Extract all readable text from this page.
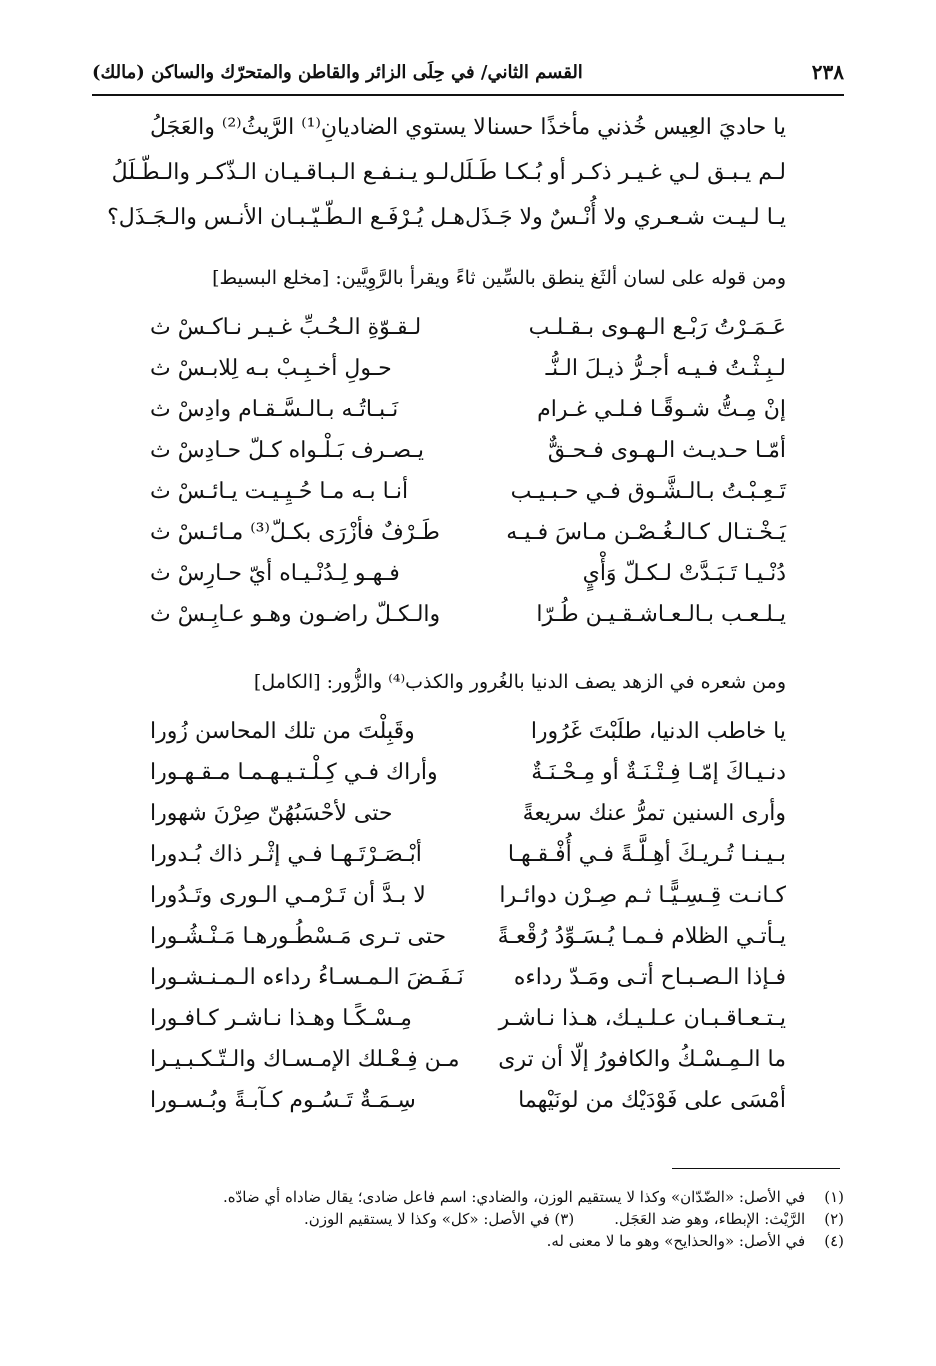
٢٣٨
القسم الثاني/ في حِلَى الزائر والقاطن والمتحرّك والساكن (مالك)
يا حاديَ العِيس خُذني مأخذًا حسنا
لا يستوي الضاديانِ⁽¹⁾ الرَّيثُ⁽²⁾ والعَجَلُ
لـم يـبـق لـي غـيـر ذكـر أو بُـكـا طَـلَل
لـو يـنـفـع الـبـاقـيـان الـذّكـر والـطّـلَلُ
يـا لـيـت شـعـري ولا أُنْـسٌ ولا جَـذَل
هـل يُـرْفَـع الـطّـيّـبـان الأنـس والـجَـذَل؟
ومن قوله على لسان ألثَغ ينطق بالسِّين ثاءً ويقرأ بالرَّوِيَّين: [مخلع البسيط]
عَـمَـرْتُ رَبْـع الـهـوى بـقـلـب
لـقـوّةِ الـحُـبِّ غـيـر نـاكـسْ ث
لـبِـثْـتُ فـيـه أجـرُّ ذيـلَ الـنُّـ
حـولِ أخـبِـبْ بـه لِلابـسْ ث
إنْ مِـتُّ شـوقًـا فـلـي غـرام
نَـبـاتُـه بـالـسَّـقـام وادِسْ ث
أمّـا حـديـث الـهـوى فـحـقٌّ
يـصـرف بَـلْـواه كـلّ حـادِسْ ث
تَـعِـبْـتُ بـالـشَّـوق فـي حـبـيـب
أنـا بـه مـا حُـيِـيـت يـائـسْ ث
يَـخْـتـال كـالـغُـصْـن مـاسَ فـيـه
طَـرْفٌ فأزْرَى بكـلّ⁽³⁾ مـائـسْ ث
دُنْـيـا تَـبَـدَّتْ لـكـلّ وَأْيٍ
فـهـو لِـدُنْـيـاه أيّ حـارِسْ ث
يـلـعـب بـالـعـاشـقـيـن طُـرّا
والـكـلّ راضـون وهـو عـابِـسْ ث
ومن شعره في الزهد يصف الدنيا بالغُرور والكذب⁽⁴⁾ والزُّور: [الكامل]
يا خاطب الدنيا، طلَبْتَ غَرُورا
وقَبِلْتَ من تلك المحاسن زُورا
دنـيـاكَ إمّـا فِـتْـنَـةٌ أو مِـحْـنَـةٌ
وأراك فـي كِـلْـتـيـهـمـا مـقـهـورا
وأرى السنين تمرُّ عنك سريعةً
حتى لأحْسَبُهُنّ صِرْنَ شهورا
بـيـنـا تُـريـكَ أهِـلَّـةً فـي أُفْـقـهـا
أبْـصَـرْتَـهـا فـي إثْـر ذاك بُـدورا
كـانـت قِـسِـيًّـا ثـم صِـرْن دوائـرا
لا بـدَّ أن تَـرْمـي الـورى وتَـدُورا
يـأتـي الظلام فـمـا يُـسَـوِّدُ رُقْعـةً
حتى تـرى مَـسْطُـورهـا مَـنْـشُـورا
فـإذا الـصـبـاح أتـى ومَـدّ رداءه
نَـفَـضَ الـمـسـاءُ رداءه الـمـنـشـورا
يـتـعـاقـبـان عـلـيـك، هـذا نـاشـر
مِـسْـكًـا وهـذا نـاشـر كـافـورا
ما الـمِـسْـكُ والكافورُ إلّا أن ترى
مـن فِـعْـلك الإمـسـاك والـتّـكـبـيـرا
أمْسَى على فَوْدَيْك من لونَيْهما
سِـمَـةٌ تَـسُـوم كـآبـةً وبُـسـورا

(١) في الأصل: «الضّدّان» وكذا لا يستقيم الوزن، والضادي: اسم فاعل ضادى؛ يقال ضاداه أي ضادّه.

(٢) الرَّيْث: الإبطاء، وهو ضد العَجَل.
(٣) في الأصل: «كل» وكذا لا يستقيم الوزن.

(٤) في الأصل: «والحذايح» وهو ما لا معنى له.
